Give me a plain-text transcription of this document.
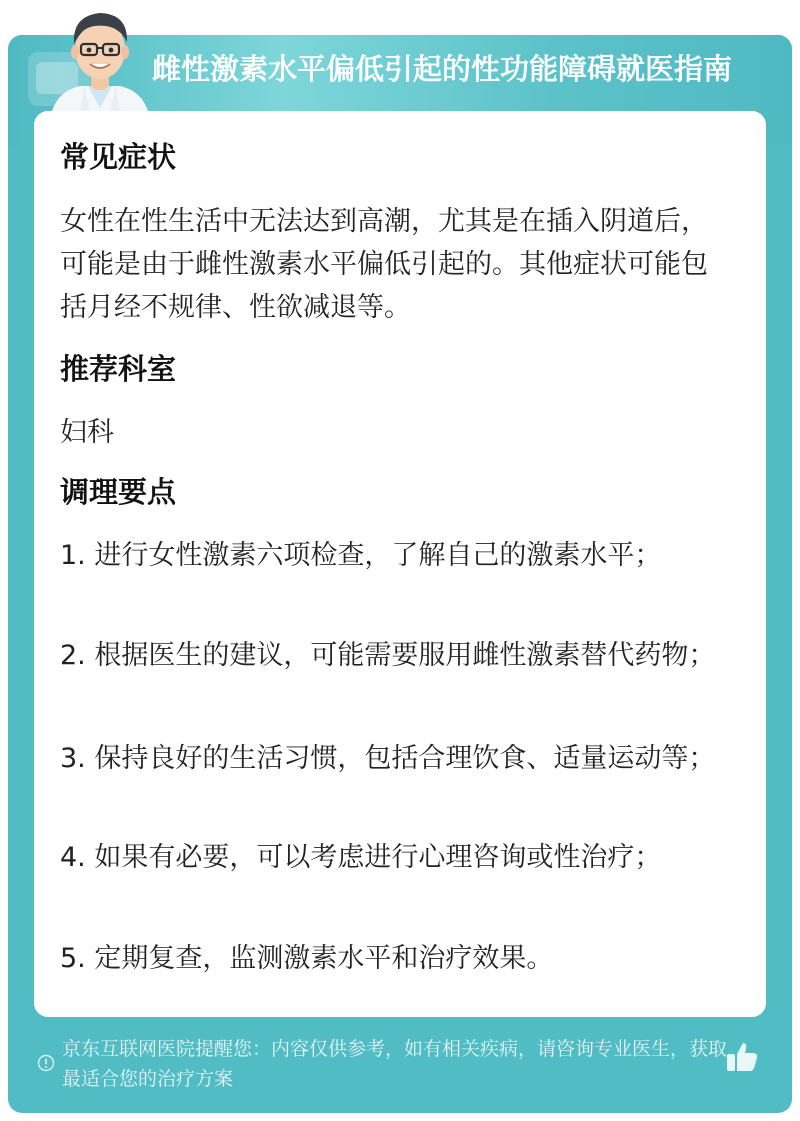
雌性激素水平偏低引起的性功能障碍就医指南
常见症状
女性在性生活中无法达到高潮，尤其是在插入阴道后，可能是由于雌性激素水平偏低引起的。其他症状可能包括月经不规律、性欲减退等。
推荐科室
妇科
调理要点
1. 进行女性激素六项检查，了解自己的激素水平；
2. 根据医生的建议，可能需要服用雌性激素替代药物；
3. 保持良好的生活习惯，包括合理饮食、适量运动等；
4. 如果有必要，可以考虑进行心理咨询或性治疗；
5. 定期复查，监测激素水平和治疗效果。
京东互联网医院提醒您：内容仅供参考，如有相关疾病，请咨询专业医生，获取最适合您的治疗方案
